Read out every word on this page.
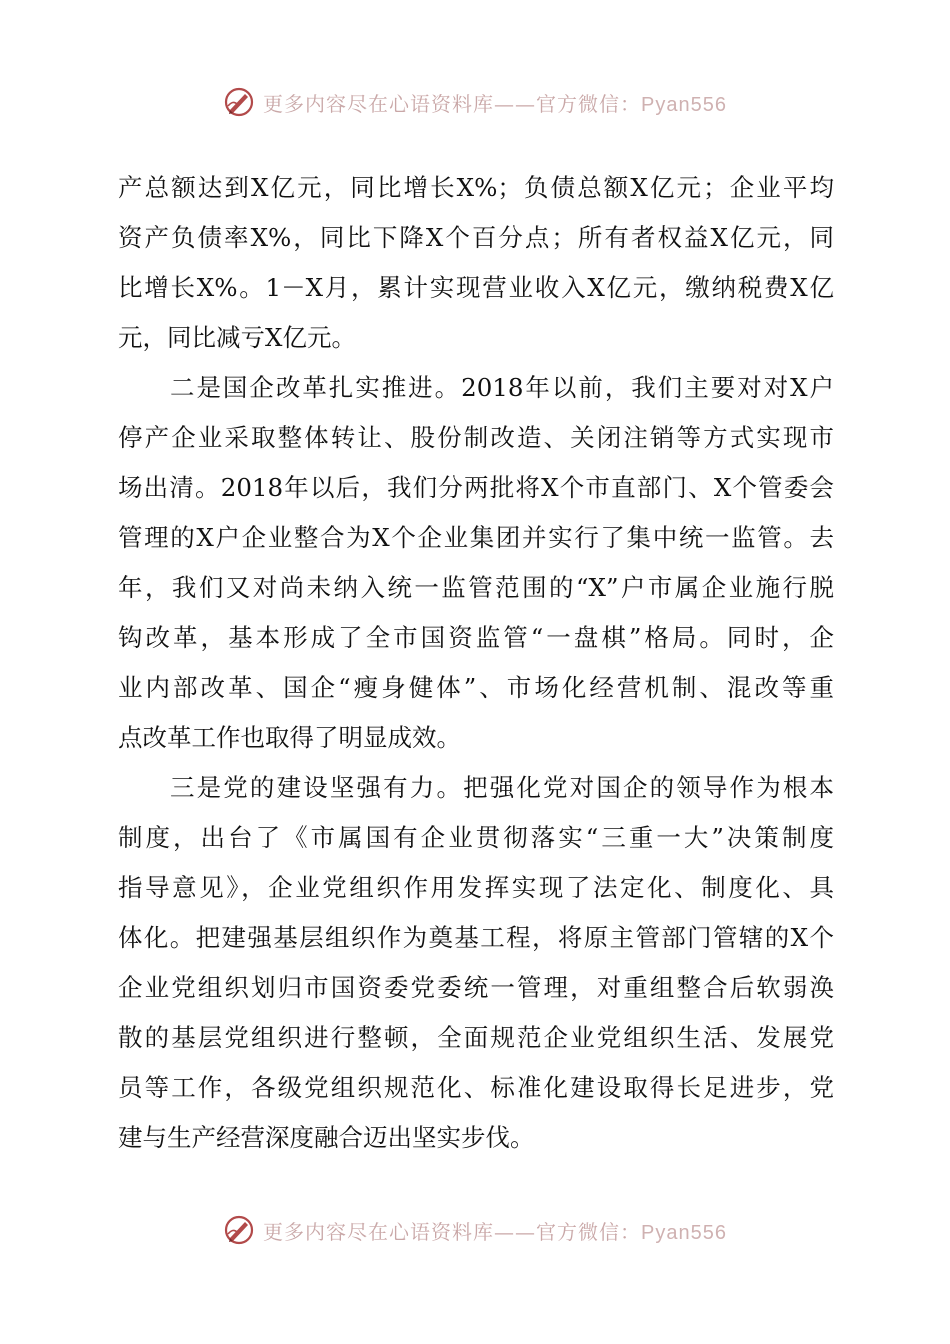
更多内容尽在心语资料库——官方微信：Pyan556
产总额达到X亿元，同比增长X%；负债总额X亿元；企业平均
资产负债率X%，同比下降X个百分点；所有者权益X亿元，同
比增长X%。1－X月，累计实现营业收入X亿元，缴纳税费X亿
元，同比减亏X亿元。
二是国企改革扎实推进。2018年以前，我们主要对对X户
停产企业采取整体转让、股份制改造、关闭注销等方式实现市
场出清。2018年以后，我们分两批将X个市直部门、X个管委会
管理的X户企业整合为X个企业集团并实行了集中统一监管。去
年，我们又对尚未纳入统一监管范围的“X”户市属企业施行脱
钩改革，基本形成了全市国资监管“一盘棋”格局。同时，企
业内部改革、国企“瘦身健体”、市场化经营机制、混改等重
点改革工作也取得了明显成效。
三是党的建设坚强有力。把强化党对国企的领导作为根本
制度，出台了《市属国有企业贯彻落实“三重一大”决策制度
指导意见》，企业党组织作用发挥实现了法定化、制度化、具
体化。把建强基层组织作为奠基工程，将原主管部门管辖的X个
企业党组织划归市国资委党委统一管理，对重组整合后软弱涣
散的基层党组织进行整顿，全面规范企业党组织生活、发展党
员等工作，各级党组织规范化、标准化建设取得长足进步，党
建与生产经营深度融合迈出坚实步伐。
更多内容尽在心语资料库——官方微信：Pyan556
